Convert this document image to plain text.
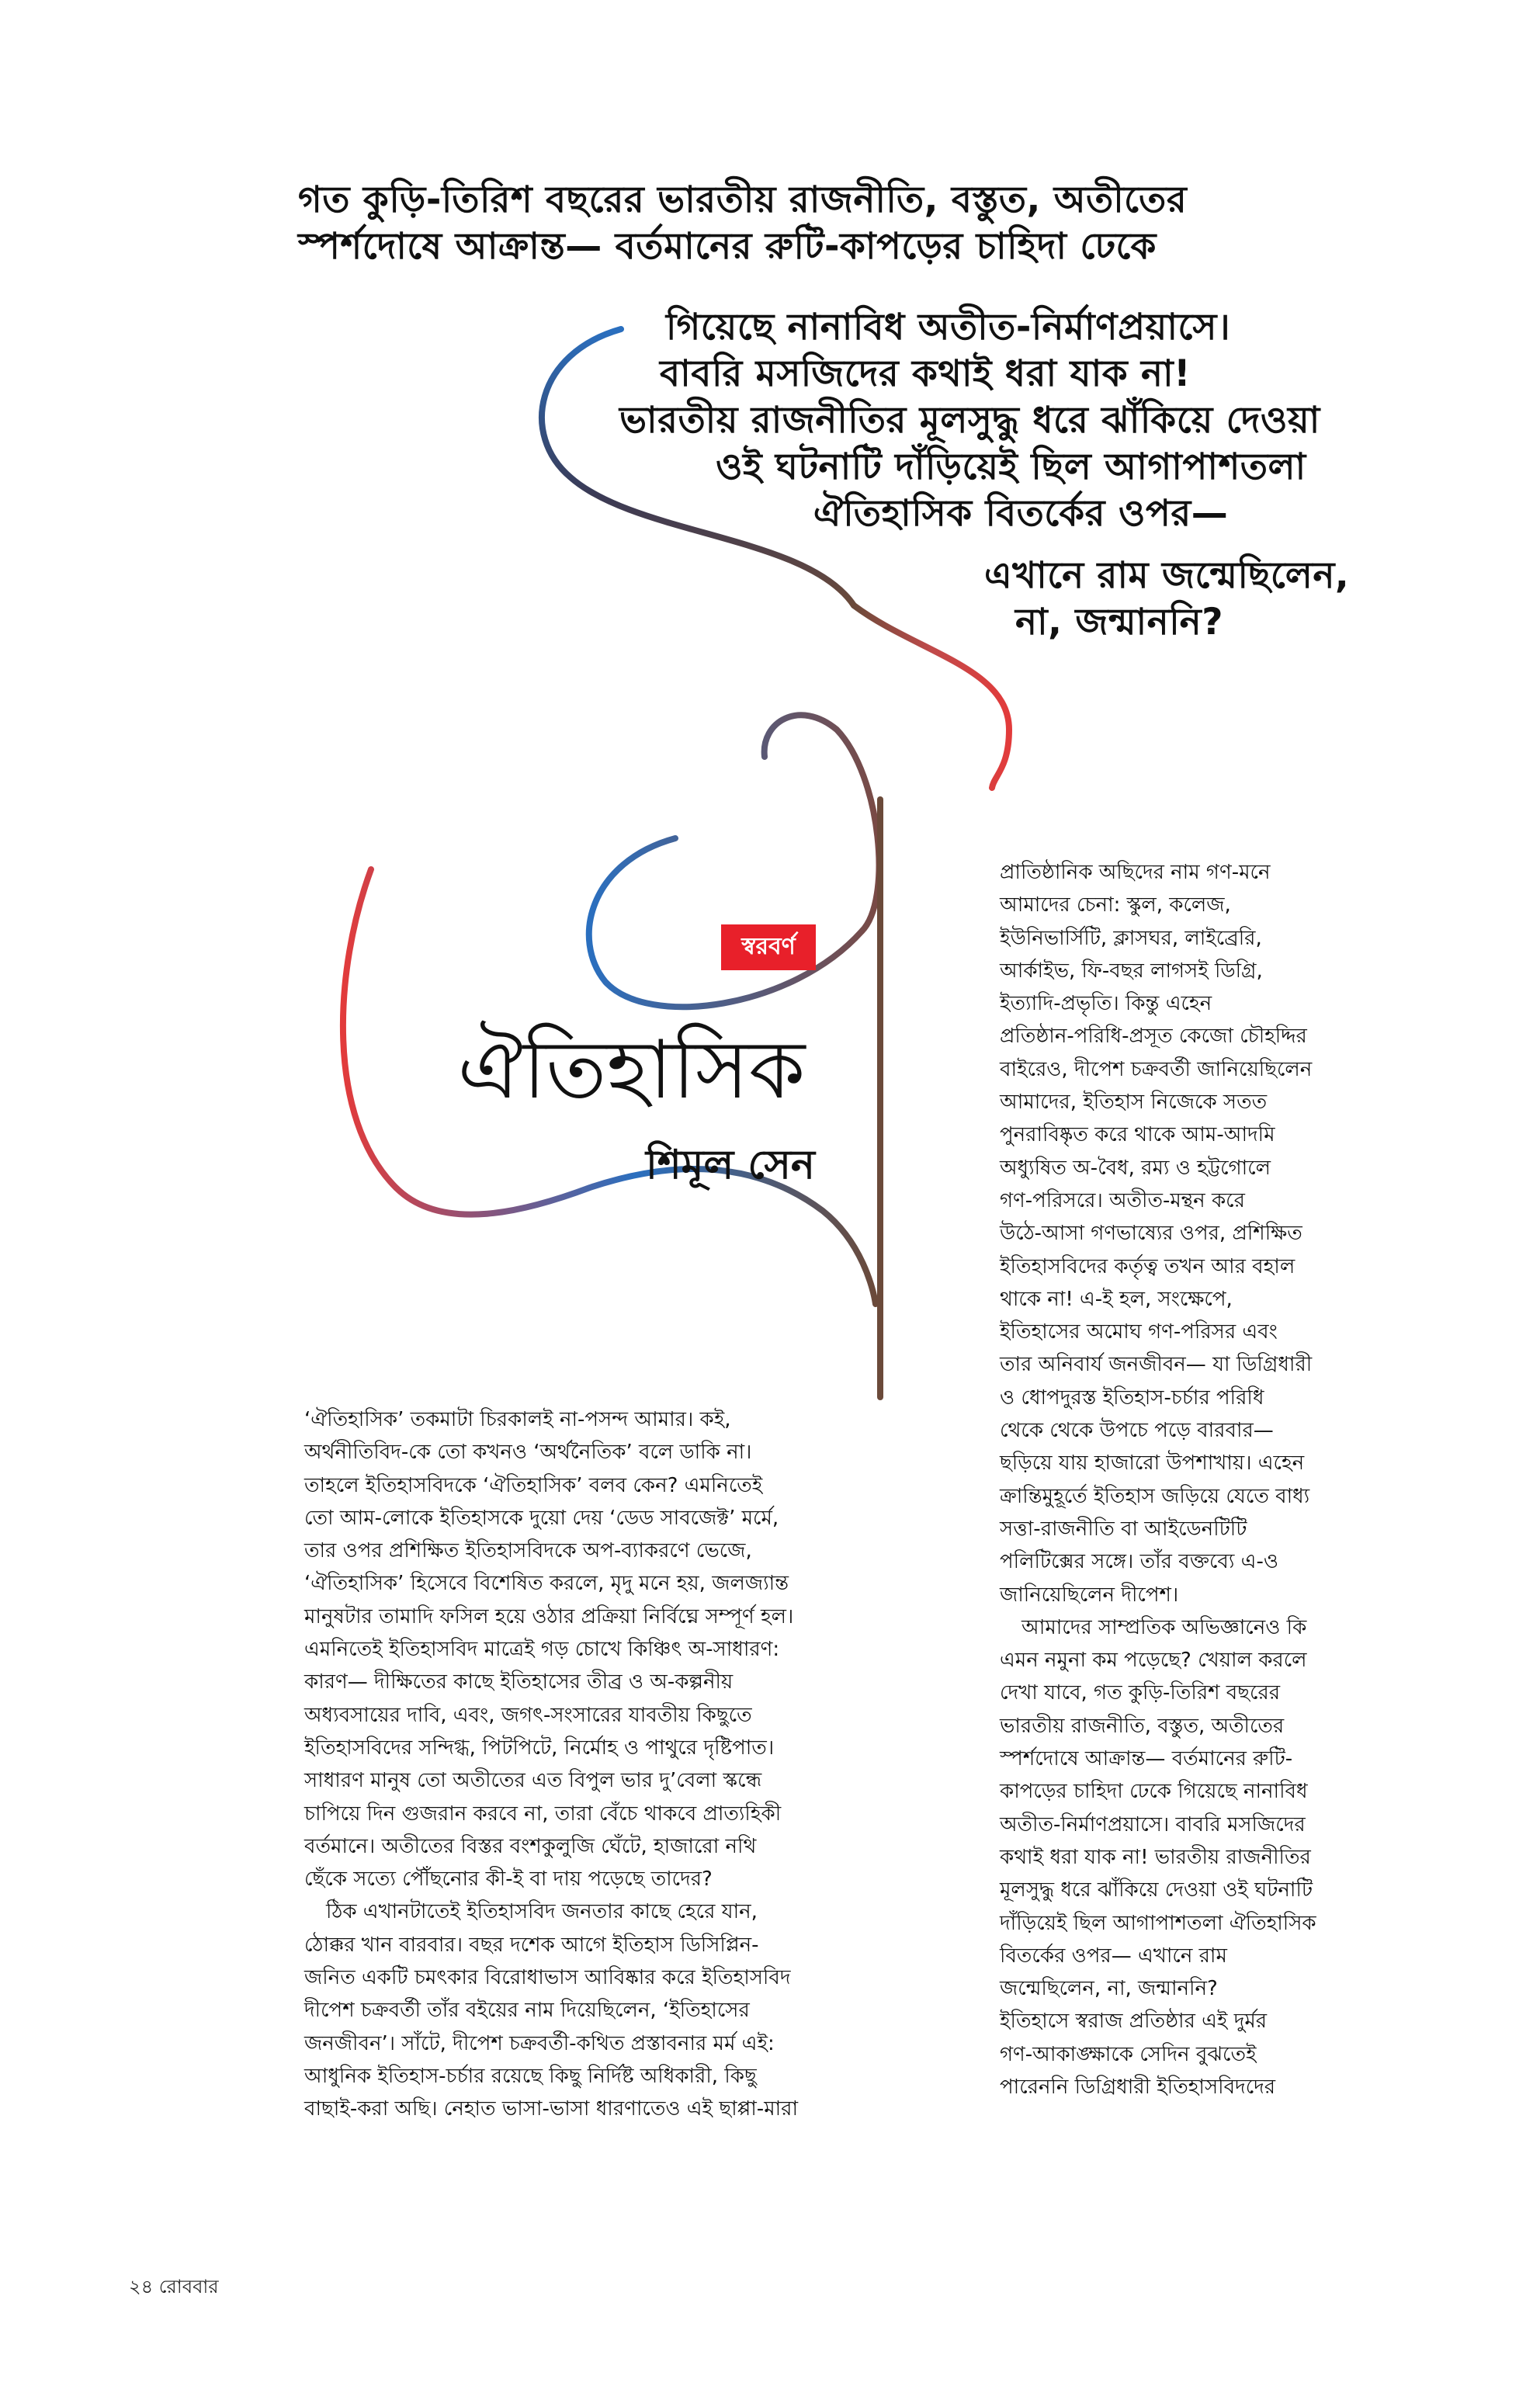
গত কুড়ি-তিরিশ বছরের ভারতীয় রাজনীতি, বস্তুত, অতীতের
স্পর্শদোষে আক্রান্ত— বর্তমানের রুটি-কাপড়ের চাহিদা ঢেকে
গিয়েছে নানাবিধ অতীত-নির্মাণপ্রয়াসে।
বাবরি মসজিদের কথাই ধরা যাক না!
ভারতীয় রাজনীতির মূলসুদ্ধু ধরে ঝাঁকিয়ে দেওয়া
ওই ঘটনাটি দাঁড়িয়েই ছিল আগাপাশতলা
ঐতিহাসিক বিতর্কের ওপর—
এখানে রাম জন্মেছিলেন,
না, জন্মাননি?
স্বরবর্ণ
ঐতিহাসিক
শিমূল সেন

প্রাতিষ্ঠানিক অছিদের নাম গণ-মনে

আমাদের চেনা: স্কুল, কলেজ,

ইউনিভার্সিটি, ক্লাসঘর, লাইব্রেরি,

আর্কাইভ, ফি-বছর লাগসই ডিগ্রি,

ইত্যাদি-প্রভৃতি। কিন্তু এহেন

প্রতিষ্ঠান-পরিধি-প্রসূত কেজো চৌহদ্দির

বাইরেও, দীপেশ চক্রবর্তী জানিয়েছিলেন

আমাদের, ইতিহাস নিজেকে সতত

পুনরাবিষ্কৃত করে থাকে আম-আদমি

অধ্যুষিত অ-বৈধ, রম্য ও হট্টগোলে

গণ-পরিসরে। অতীত-মন্থন করে

উঠে-আসা গণভাষ্যের ওপর, প্রশিক্ষিত

ইতিহাসবিদের কর্তৃত্ব তখন আর বহাল

থাকে না! এ-ই হল, সংক্ষেপে,

ইতিহাসের অমোঘ গণ-পরিসর এবং

তার অনিবার্য জনজীবন— যা ডিগ্রিধারী

ও ধোপদুরস্ত ইতিহাস-চর্চার পরিধি

থেকে থেকে উপচে পড়ে বারবার—

ছড়িয়ে যায় হাজারো উপশাখায়। এহেন

ক্রান্তিমুহূর্তে ইতিহাস জড়িয়ে যেতে বাধ্য

সত্তা-রাজনীতি বা আইডেনটিটি

পলিটিক্সের সঙ্গে। তাঁর বক্তব্যে এ-ও

জানিয়েছিলেন দীপেশ।

আমাদের সাম্প্রতিক অভিজ্ঞানেও কি

এমন নমুনা কম পড়েছে? খেয়াল করলে

দেখা যাবে, গত কুড়ি-তিরিশ বছরের

ভারতীয় রাজনীতি, বস্তুত, অতীতের

স্পর্শদোষে আক্রান্ত— বর্তমানের রুটি-

কাপড়ের চাহিদা ঢেকে গিয়েছে নানাবিধ

অতীত-নির্মাণপ্রয়াসে। বাবরি মসজিদের

কথাই ধরা যাক না! ভারতীয় রাজনীতির

মূলসুদ্ধু ধরে ঝাঁকিয়ে দেওয়া ওই ঘটনাটি

দাঁড়িয়েই ছিল আগাপাশতলা ঐতিহাসিক

বিতর্কের ওপর— এখানে রাম

জন্মেছিলেন, না, জন্মাননি?

ইতিহাসে স্বরাজ প্রতিষ্ঠার এই দুর্মর

গণ-আকাঙ্ক্ষাকে সেদিন বুঝতেই

পারেননি ডিগ্রিধারী ইতিহাসবিদদের

‘ঐতিহাসিক’ তকমাটা চিরকালই না-পসন্দ আমার। কই,

অর্থনীতিবিদ-কে তো কখনও ‘অর্থনৈতিক’ বলে ডাকি না।

তাহলে ইতিহাসবিদকে ‘ঐতিহাসিক’ বলব কেন? এমনিতেই

তো আম-লোকে ইতিহাসকে দুয়ো দেয় ‘ডেড সাবজেক্ট’ মর্মে,

তার ওপর প্রশিক্ষিত ইতিহাসবিদকে অপ-ব্যাকরণে ভেজে,

‘ঐতিহাসিক’ হিসেবে বিশেষিত করলে, মৃদু মনে হয়, জলজ্যান্ত

মানুষটার তামাদি ফসিল হয়ে ওঠার প্রক্রিয়া নির্বিঘ্নে সম্পূর্ণ হল।

এমনিতেই ইতিহাসবিদ মাত্রেই গড় চোখে কিঞ্চিৎ অ-সাধারণ:

কারণ— দীক্ষিতের কাছে ইতিহাসের তীব্র ও অ-কল্পনীয়

অধ্যবসায়ের দাবি, এবং, জগৎ-সংসারের যাবতীয় কিছুতে

ইতিহাসবিদের সন্দিগ্ধ, পিটপিটে, নির্মোহ ও পাথুরে দৃষ্টিপাত।

সাধারণ মানুষ তো অতীতের এত বিপুল ভার দু’বেলা স্কন্ধে

চাপিয়ে দিন গুজরান করবে না, তারা বেঁচে থাকবে প্রাত্যহিকী

বর্তমানে। অতীতের বিস্তর বংশকুলুজি ঘেঁটে, হাজারো নথি

ছেঁকে সত্যে পৌঁছনোর কী-ই বা দায় পড়েছে তাদের?

ঠিক এখানটাতেই ইতিহাসবিদ জনতার কাছে হেরে যান,

ঠোক্কর খান বারবার। বছর দশেক আগে ইতিহাস ডিসিপ্লিন-

জনিত একটি চমৎকার বিরোধাভাস আবিষ্কার করে ইতিহাসবিদ

দীপেশ চক্রবর্তী তাঁর বইয়ের নাম দিয়েছিলেন, ‘ইতিহাসের

জনজীবন’। সাঁটে, দীপেশ চক্রবর্তী-কথিত প্রস্তাবনার মর্ম এই:

আধুনিক ইতিহাস-চর্চার রয়েছে কিছু নির্দিষ্ট অধিকারী, কিছু

বাছাই-করা অছি। নেহাত ভাসা-ভাসা ধারণাতেও এই ছাপ্পা-মারা

২৪ রোববার
